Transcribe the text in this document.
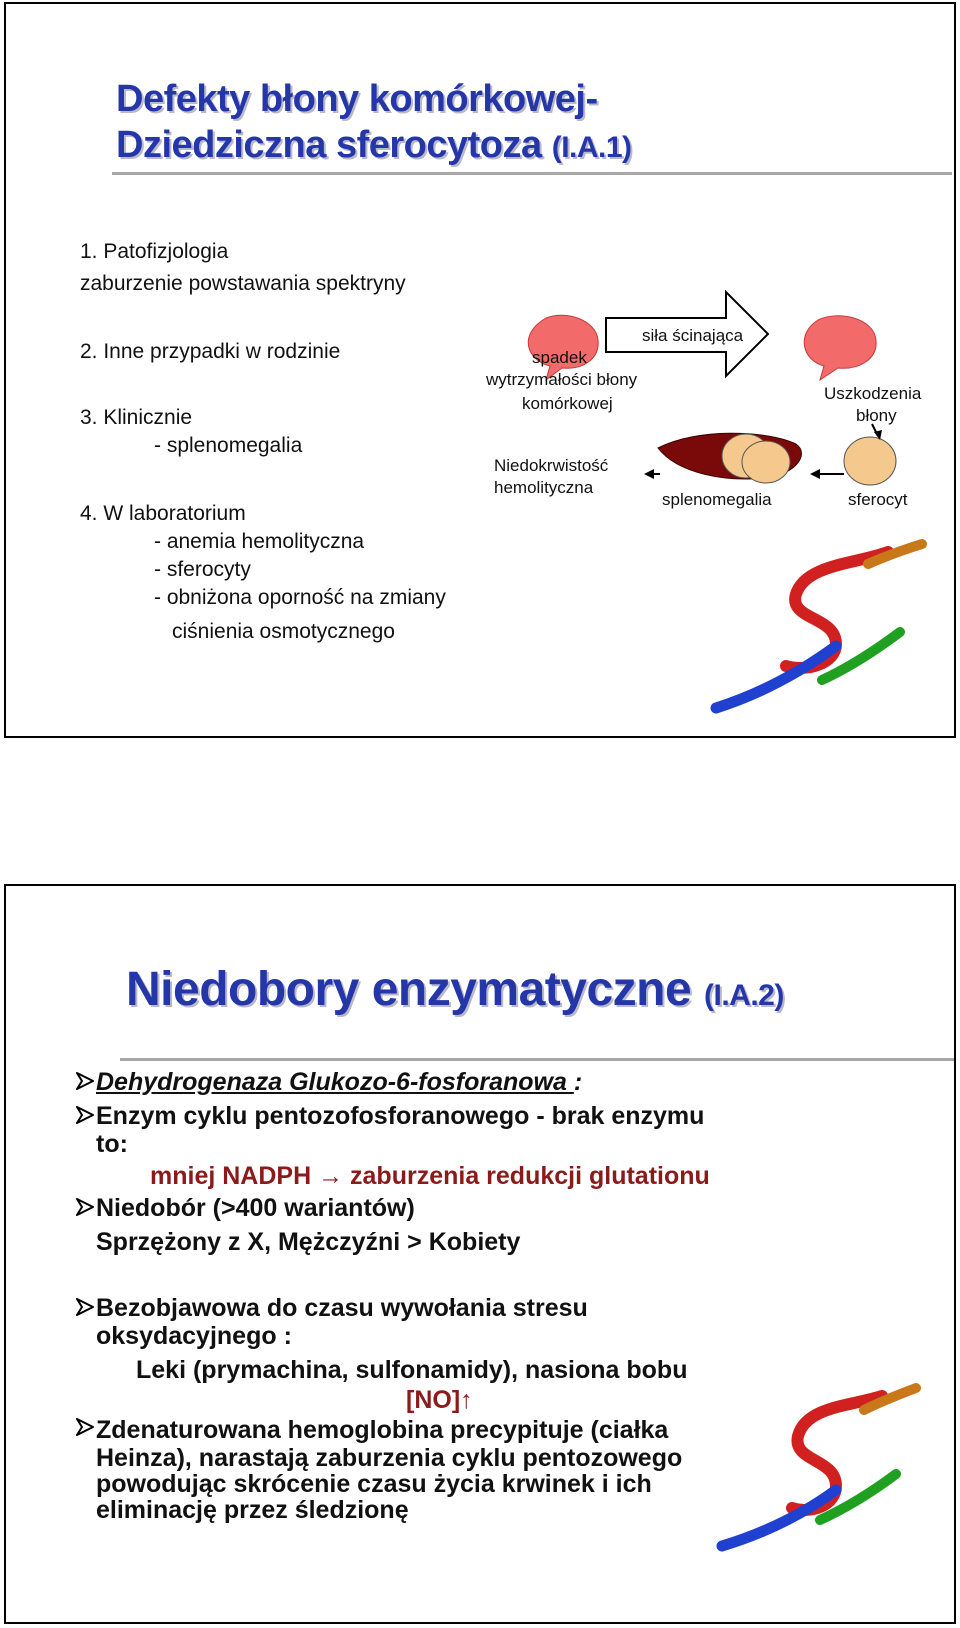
Defekty błony komórkowej-
Dziedziczna sferocytoza (I.A.1)
1. Patofizjologia
zaburzenie powstawania spektryny
2. Inne przypadki w rodzinie
3. Klinicznie
- splenomegalia
4. W laboratorium
- anemia hemolityczna
- sferocyty
- obniżona oporność na zmiany
ciśnienia osmotycznego
spadek
wytrzymałości błony
komórkowej
siła ścinająca
Uszkodzenia
błony
Niedokrwistość
hemolityczna
splenomegalia	sferocyt
Niedobory enzymatyczne (I.A.2)
Dehydrogenaza Glukozo-6-fosforanowa :
Enzym cyklu pentozofosforanowego - brak enzymu
to:
mniej NADPH → zaburzenia redukcji glutationu
Niedobór (>400 wariantów)
Sprzężony z X, Mężczyźni > Kobiety
Bezobjawowa do czasu wywołania stresu
oksydacyjnego :
Leki (prymachina, sulfonamidy), nasiona bobu
[NO]↑
Zdenaturowana hemoglobina precypituje (ciałka
Heinza), narastają zaburzenia cyklu pentozowego
powodując skrócenie czasu życia krwinek i ich
eliminację przez śledzionę
